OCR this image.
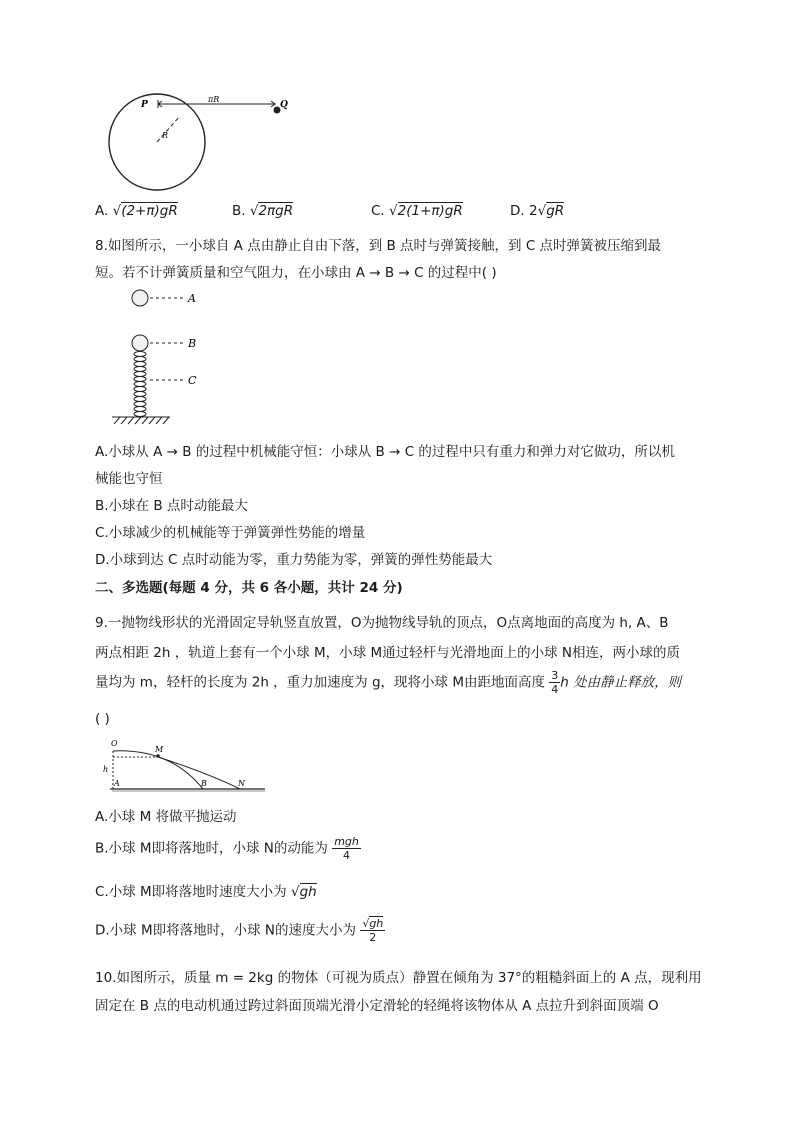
P
πR
Q
R
A. √(2+π)gR	B. √2πgR	C. √2(1+π)gR	D. 2√gR
8.如图所示，一小球自 A 点由静止自由下落，到 B 点时与弹簧接触，到 C 点时弹簧被压缩到最
短。若不计弹簧质量和空气阻力，在小球由 A → B → C 的过程中( )
A
B
C
A.小球从 A → B 的过程中机械能守恒：小球从 B → C 的过程中只有重力和弹力对它做功，所以机
械能也守恒
B.小球在 B 点时动能最大
C.小球减少的机械能等于弹簧弹性势能的增量
D.小球到达 C 点时动能为零，重力势能为零，弹簧的弹性势能最大
二、多选题(每题 4 分，共 6 各小题，共计 24 分)
9.一抛物线形状的光滑固定导轨竖直放置，O为抛物线导轨的顶点，O点离地面的高度为 h, A、B
两点相距 2h ，轨道上套有一个小球 M，小球 M通过轻杆与光滑地面上的小球 N相连，两小球的质
量均为 m，轻杆的长度为 2h ，重力加速度为 g，现将小球 M由距地面高度 $\frac{3}{4}$ h 处由静止释放，则
( )
O
M
h
A	B	N
A.小球 M 将做平抛运动
B.小球 M即将落地时，小球 N的动能为 $\frac{\text{mgh}}{4}$
C.小球 M即将落地时速度大小为 √gh
D.小球 M即将落地时，小球 N的速度大小为 $\frac{√gh}{2}$
10.如图所示，质量 m = 2kg 的物体（可视为质点）静置在倾角为 37°的粗糙斜面上的 A 点，现利用
固定在 B 点的电动机通过跨过斜面顶端光滑小定滑轮的轻绳将该物体从 A 点拉升到斜面顶端 O
